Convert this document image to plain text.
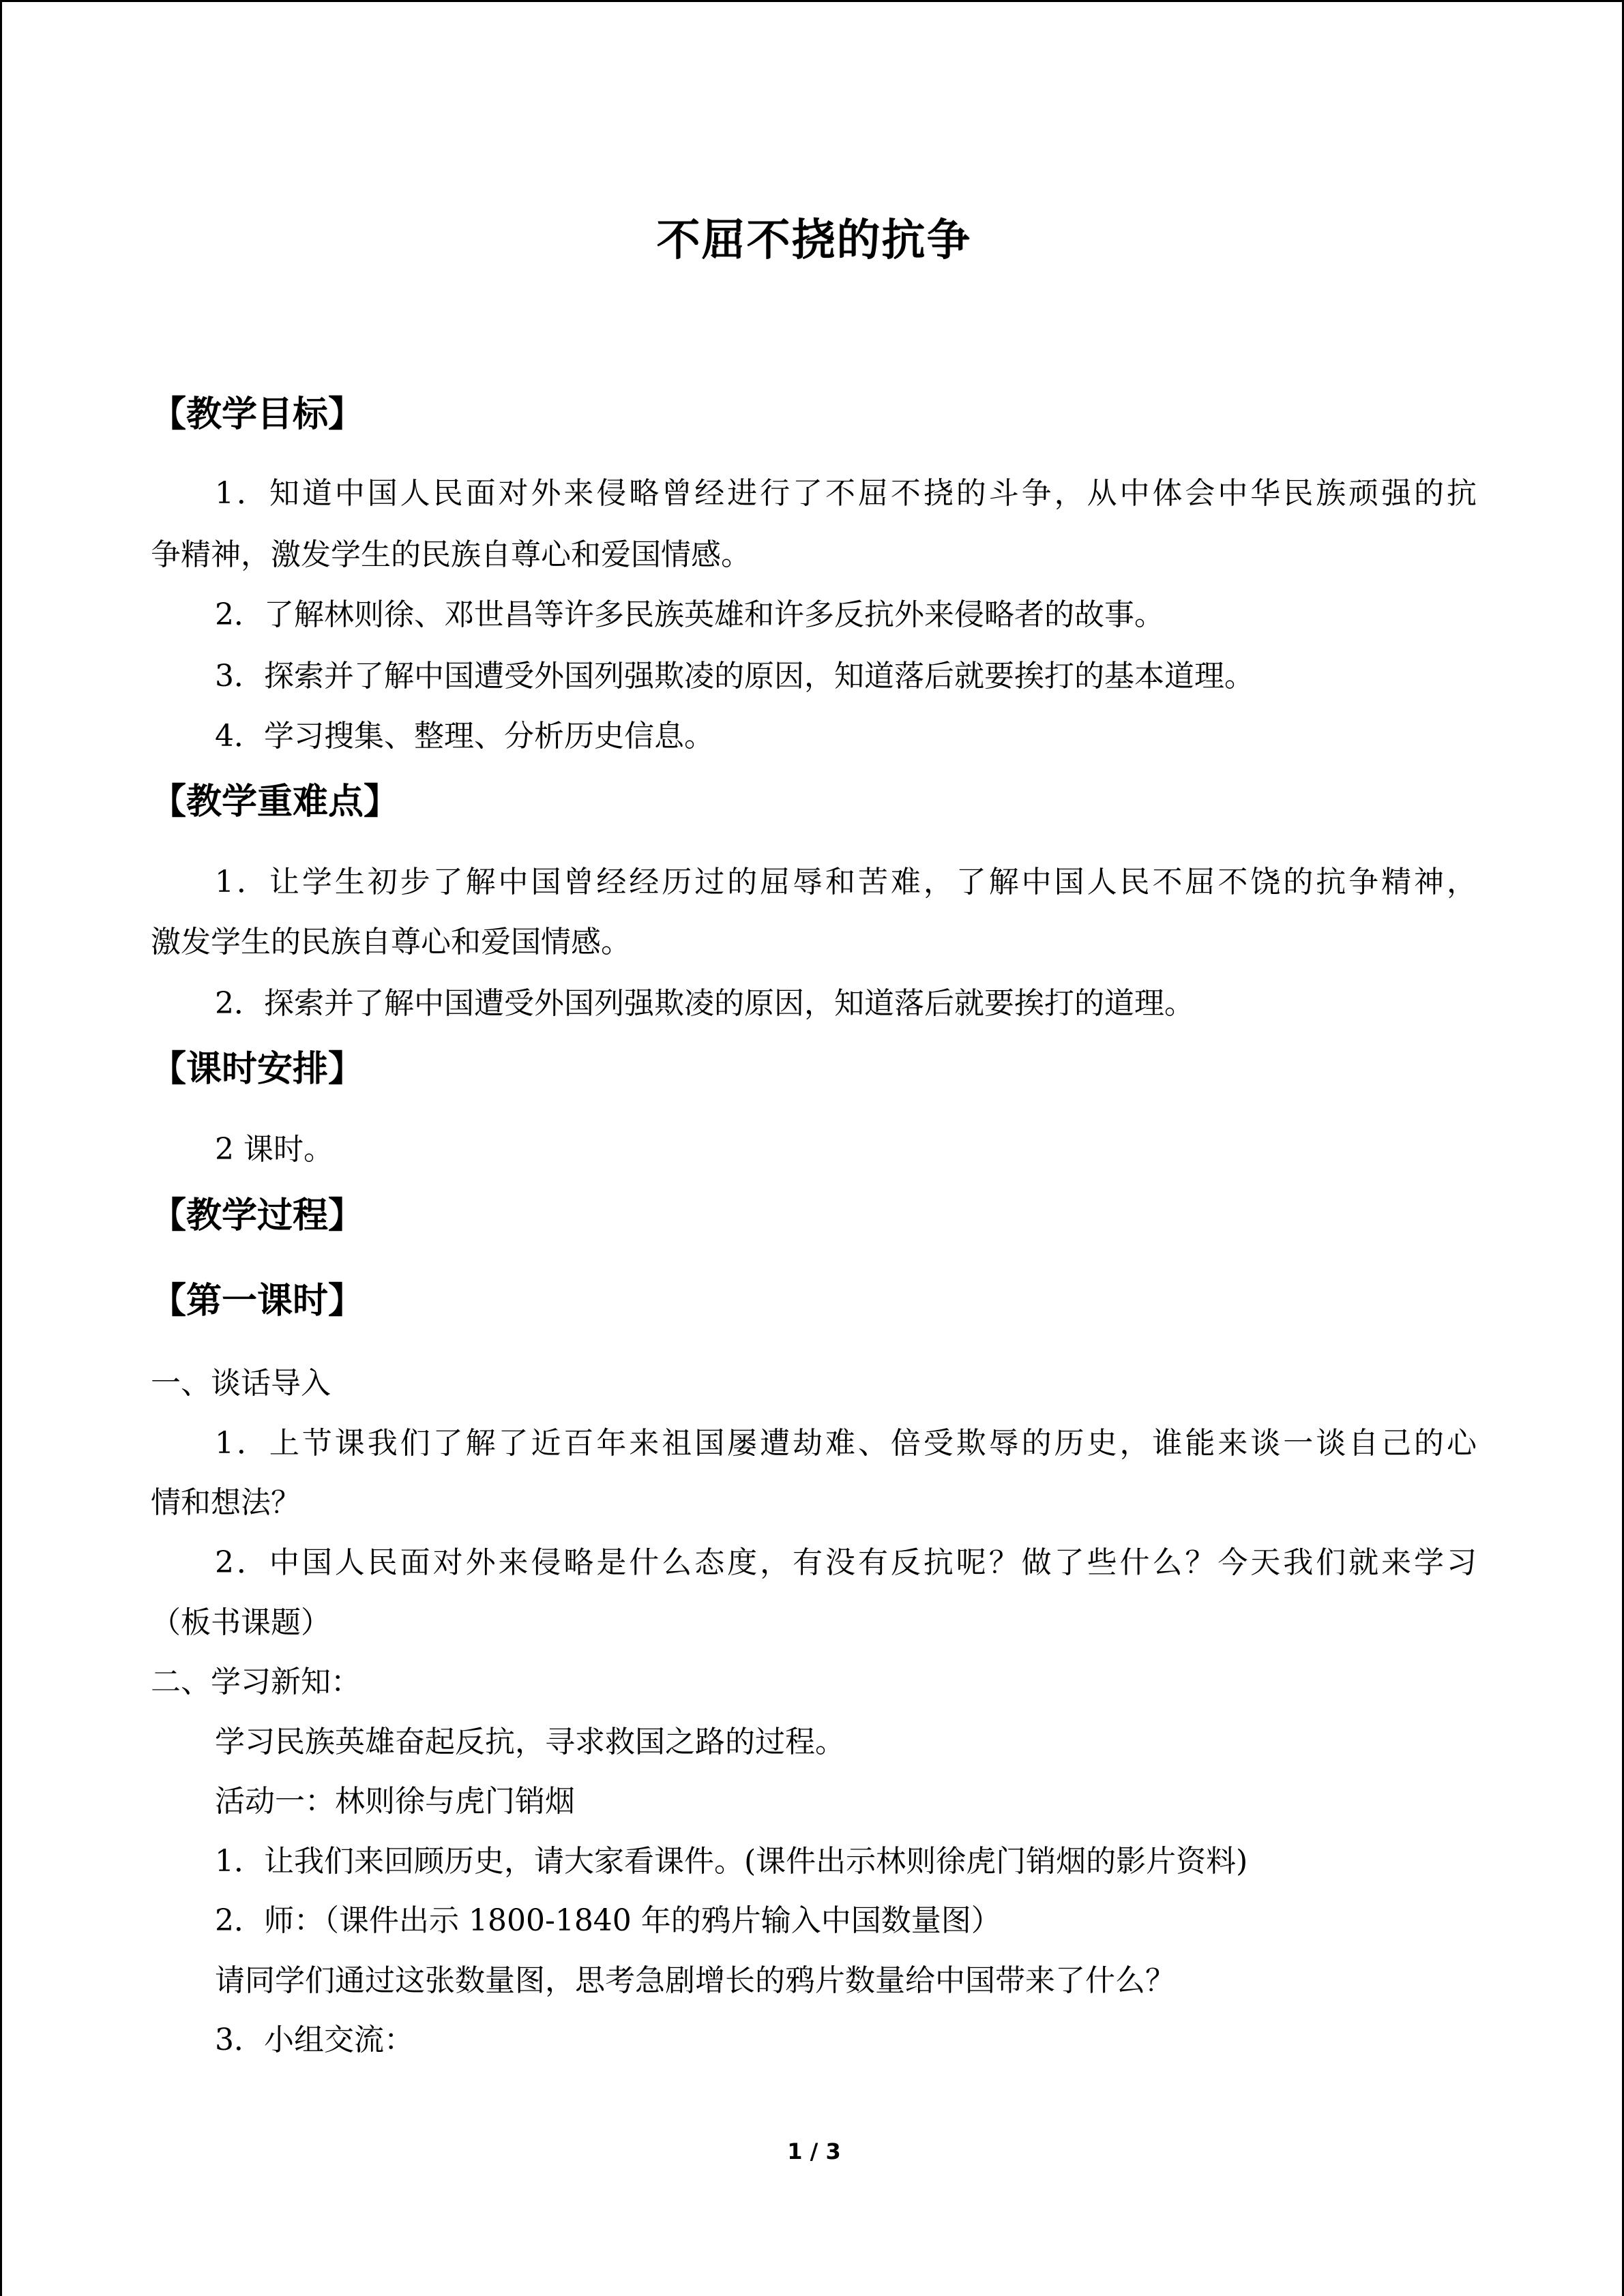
不屈不挠的抗争
【教学目标】
1．知道中国人民面对外来侵略曾经进行了不屈不挠的斗争，从中体会中华民族顽强的抗
争精神，激发学生的民族自尊心和爱国情感。
2．了解林则徐、邓世昌等许多民族英雄和许多反抗外来侵略者的故事。
3．探索并了解中国遭受外国列强欺凌的原因，知道落后就要挨打的基本道理。
4．学习搜集、整理、分析历史信息。
【教学重难点】
1．让学生初步了解中国曾经经历过的屈辱和苦难，了解中国人民不屈不饶的抗争精神，
激发学生的民族自尊心和爱国情感。
2．探索并了解中国遭受外国列强欺凌的原因，知道落后就要挨打的道理。
【课时安排】
2 课时。
【教学过程】
【第一课时】
一、谈话导入
1．上节课我们了解了近百年来祖国屡遭劫难、倍受欺辱的历史，谁能来谈一谈自己的心
情和想法？
2．中国人民面对外来侵略是什么态度，有没有反抗呢？做了些什么？今天我们就来学习
（板书课题）
二、学习新知：
学习民族英雄奋起反抗，寻求救国之路的过程。
活动一：林则徐与虎门销烟
1．让我们来回顾历史，请大家看课件。(课件出示林则徐虎门销烟的影片资料)
2．师：（课件出示 1800-1840 年的鸦片输入中国数量图）
请同学们通过这张数量图，思考急剧增长的鸦片数量给中国带来了什么？
3．小组交流：
1 / 3
